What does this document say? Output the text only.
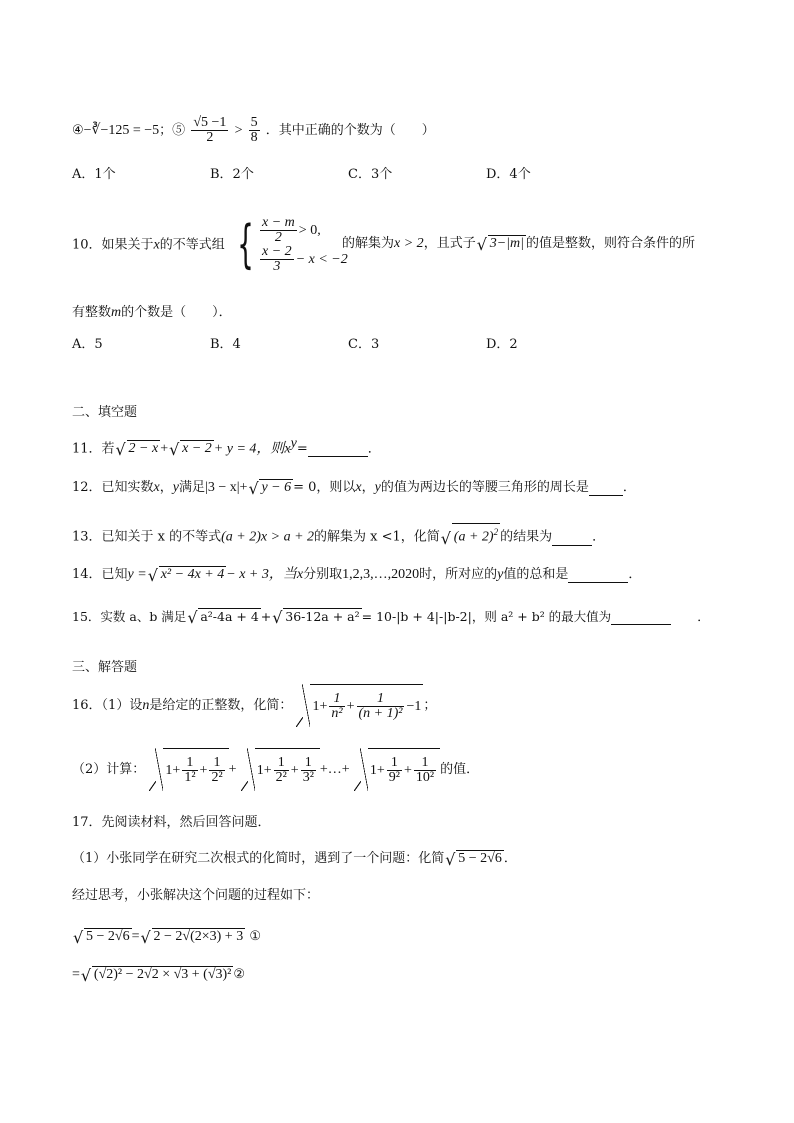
④−∛−125 = −5；⑤ $\frac{√5 -1}{2} > \frac{5}{8}$ ．其中正确的个数为（　　）
A．1个	B．2个	C．3个	D．4个
10．如果关于x的不等式组 { $\frac{x - m}{2} > 0$,
$\frac{x - 2}{3} - x < -2$
的解集为x > 2，且式子 √ 3−|m| 的值是整数，则符合条件的所
有整数m的个数是（　　）．
A．5	B．4	C．3	D．2
二、填空题
11．若 √ 2 − x + √ x − 2 + y = 4，则$x^y=$	．
12．已知实数x，y满足|3 − x|+ √ y − 6 = 0，则以x，y的值为两边长的等腰三角形的周长是	．
13．已知关于 x 的不等式(a + 2)x > a + 2的解集为 x <1，化简 √ $(a + 2)^2$ 的结果为	．
14．已知y = √ x² − 4x + 4 − x + 3，当x分别取1,2,3,…,2020时，所对应的y值的总和是	．
15．实数 a、b 满足 √ a²-4a + 4 + √ 36-12a + a² = 10-|b + 4|-|b-2|，则 a² + b² 的最大值为	．
三、解答题
16．（1）设n是给定的正整数，化简： $1+ \frac{1}{\text{n²}} + \frac{1}{\text{(n + 1)²}} -1$ ；
（2）计算： $1+ \frac{1}{\text{1²}} + \frac{1}{\text{2²}} + 1+ \frac{1}{\text{2²}} + \frac{1}{\text{3²}}$ +…+ $1+ \frac{1}{\text{9²}} + \frac{1}{\text{10²}}$ 的值．
17．先阅读材料，然后回答问题．
（1）小张同学在研究二次根式的化简时，遇到了一个问题：化简 √ 5 − 2√6 ．
经过思考，小张解决这个问题的过程如下：
√ 5 − 2√6 = √ 2 − 2√(2×3) + 3 ①
= √ (√2)² − 2√2 × √3 + (√3)² ②
